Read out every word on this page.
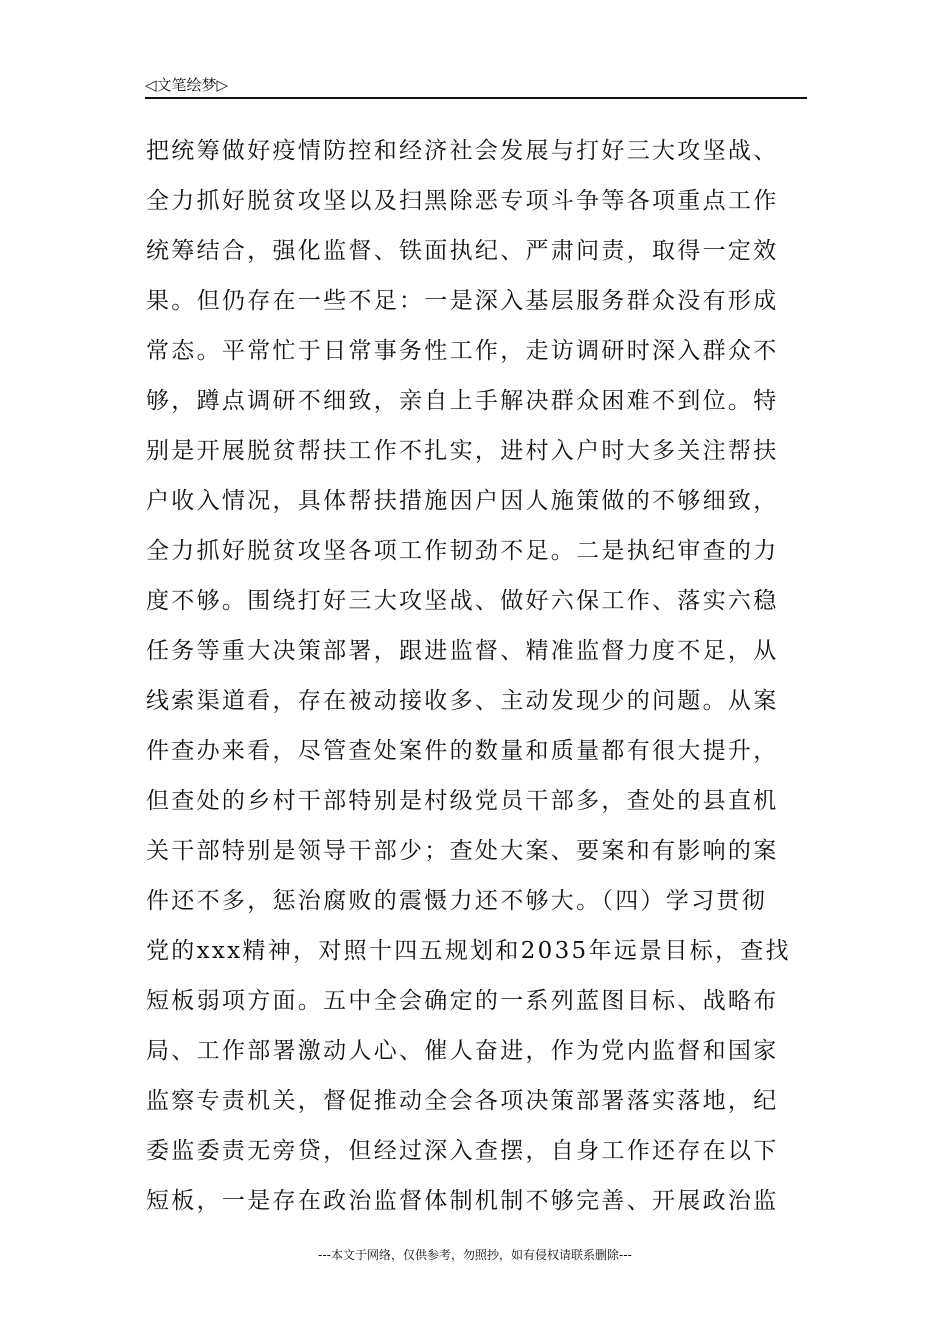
◁文笔绘梦▷
把统筹做好疫情防控和经济社会发展与打好三大攻坚战、
全力抓好脱贫攻坚以及扫黑除恶专项斗争等各项重点工作
统筹结合，强化监督、铁面执纪、严肃问责，取得一定效
果。但仍存在一些不足：一是深入基层服务群众没有形成
常态。平常忙于日常事务性工作，走访调研时深入群众不
够，蹲点调研不细致，亲自上手解决群众困难不到位。特
别是开展脱贫帮扶工作不扎实，进村入户时大多关注帮扶
户收入情况，具体帮扶措施因户因人施策做的不够细致，
全力抓好脱贫攻坚各项工作韧劲不足。二是执纪审查的力
度不够。围绕打好三大攻坚战、做好六保工作、落实六稳
任务等重大决策部署，跟进监督、精准监督力度不足，从
线索渠道看，存在被动接收多、主动发现少的问题。从案
件查办来看，尽管查处案件的数量和质量都有很大提升，
但查处的乡村干部特别是村级党员干部多，查处的县直机
关干部特别是领导干部少；查处大案、要案和有影响的案
件还不多，惩治腐败的震慑力还不够大。（四）学习贯彻
党的xxx精神，对照十四五规划和2035年远景目标，查找
短板弱项方面。五中全会确定的一系列蓝图目标、战略布
局、工作部署激动人心、催人奋进，作为党内监督和国家
监察专责机关，督促推动全会各项决策部署落实落地，纪
委监委责无旁贷，但经过深入查摆，自身工作还存在以下
短板，一是存在政治监督体制机制不够完善、开展政治监
---本文于网络，仅供参考，勿照抄，如有侵权请联系删除---
